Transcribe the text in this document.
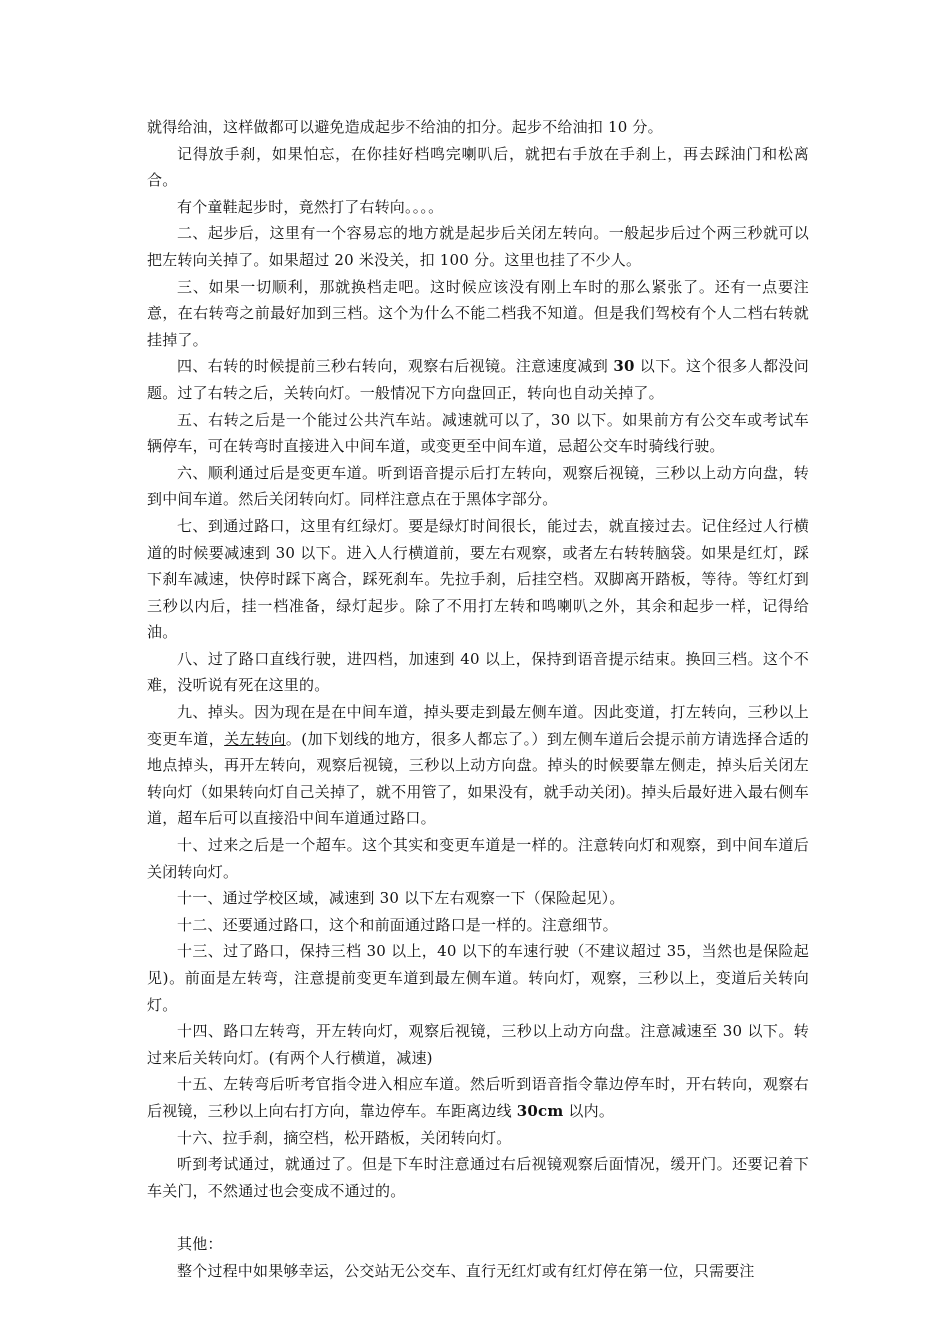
就得给油，这样做都可以避免造成起步不给油的扣分。起步不给油扣 10 分。

记得放手刹，如果怕忘，在你挂好档鸣完喇叭后，就把右手放在手刹上，再去踩油门和松离合。

有个童鞋起步时，竟然打了右转向。。。。

二、起步后，这里有一个容易忘的地方就是起步后关闭左转向。一般起步后过个两三秒就可以把左转向关掉了。如果超过 20 米没关，扣 100 分。这里也挂了不少人。

三、如果一切顺利，那就换档走吧。这时候应该没有刚上车时的那么紧张了。还有一点要注意，在右转弯之前最好加到三档。这个为什么不能二档我不知道。但是我们驾校有个人二档右转就挂掉了。

四、右转的时候提前三秒右转向，观察右后视镜。注意速度减到 30 以下。这个很多人都没问题。过了右转之后，关转向灯。一般情况下方向盘回正，转向也自动关掉了。

五、右转之后是一个能过公共汽车站。减速就可以了，30 以下。如果前方有公交车或考试车辆停车，可在转弯时直接进入中间车道，或变更至中间车道，忌超公交车时骑线行驶。

六、顺利通过后是变更车道。听到语音提示后打左转向，观察后视镜，三秒以上动方向盘，转到中间车道。然后关闭转向灯。同样注意点在于黑体字部分。

七、到通过路口，这里有红绿灯。要是绿灯时间很长，能过去，就直接过去。记住经过人行横道的时候要减速到 30 以下。进入人行横道前，要左右观察，或者左右转转脑袋。如果是红灯，踩下刹车减速，快停时踩下离合，踩死刹车。先拉手刹，后挂空档。双脚离开踏板，等待。等红灯到三秒以内后，挂一档准备，绿灯起步。除了不用打左转和鸣喇叭之外，其余和起步一样，记得给油。

八、过了路口直线行驶，进四档，加速到 40 以上，保持到语音提示结束。换回三档。这个不难，没听说有死在这里的。

九、掉头。因为现在是在中间车道，掉头要走到最左侧车道。因此变道，打左转向，三秒以上变更车道，关左转向。(加下划线的地方，很多人都忘了。）到左侧车道后会提示前方请选择合适的地点掉头，再开左转向，观察后视镜，三秒以上动方向盘。掉头的时候要靠左侧走，掉头后关闭左转向灯（如果转向灯自己关掉了，就不用管了，如果没有，就手动关闭)。掉头后最好进入最右侧车道，超车后可以直接沿中间车道通过路口。

十、过来之后是一个超车。这个其实和变更车道是一样的。注意转向灯和观察，到中间车道后关闭转向灯。

十一、通过学校区域，减速到 30 以下左右观察一下（保险起见）。

十二、还要通过路口，这个和前面通过路口是一样的。注意细节。

十三、过了路口，保持三档 30 以上，40 以下的车速行驶（不建议超过 35，当然也是保险起见)。前面是左转弯，注意提前变更车道到最左侧车道。转向灯，观察，三秒以上，变道后关转向灯。

十四、路口左转弯，开左转向灯，观察后视镜，三秒以上动方向盘。注意减速至 30 以下。转过来后关转向灯。(有两个人行横道，减速)

十五、左转弯后听考官指令进入相应车道。然后听到语音指令靠边停车时，开右转向，观察右后视镜，三秒以上向右打方向，靠边停车。车距离边线 30cm 以内。

十六、拉手刹，摘空档，松开踏板，关闭转向灯。

听到考试通过，就通过了。但是下车时注意通过右后视镜观察后面情况，缓开门。还要记着下车关门，不然通过也会变成不通过的。

其他：

整个过程中如果够幸运，公交站无公交车、直行无红灯或有红灯停在第一位，只需要注
